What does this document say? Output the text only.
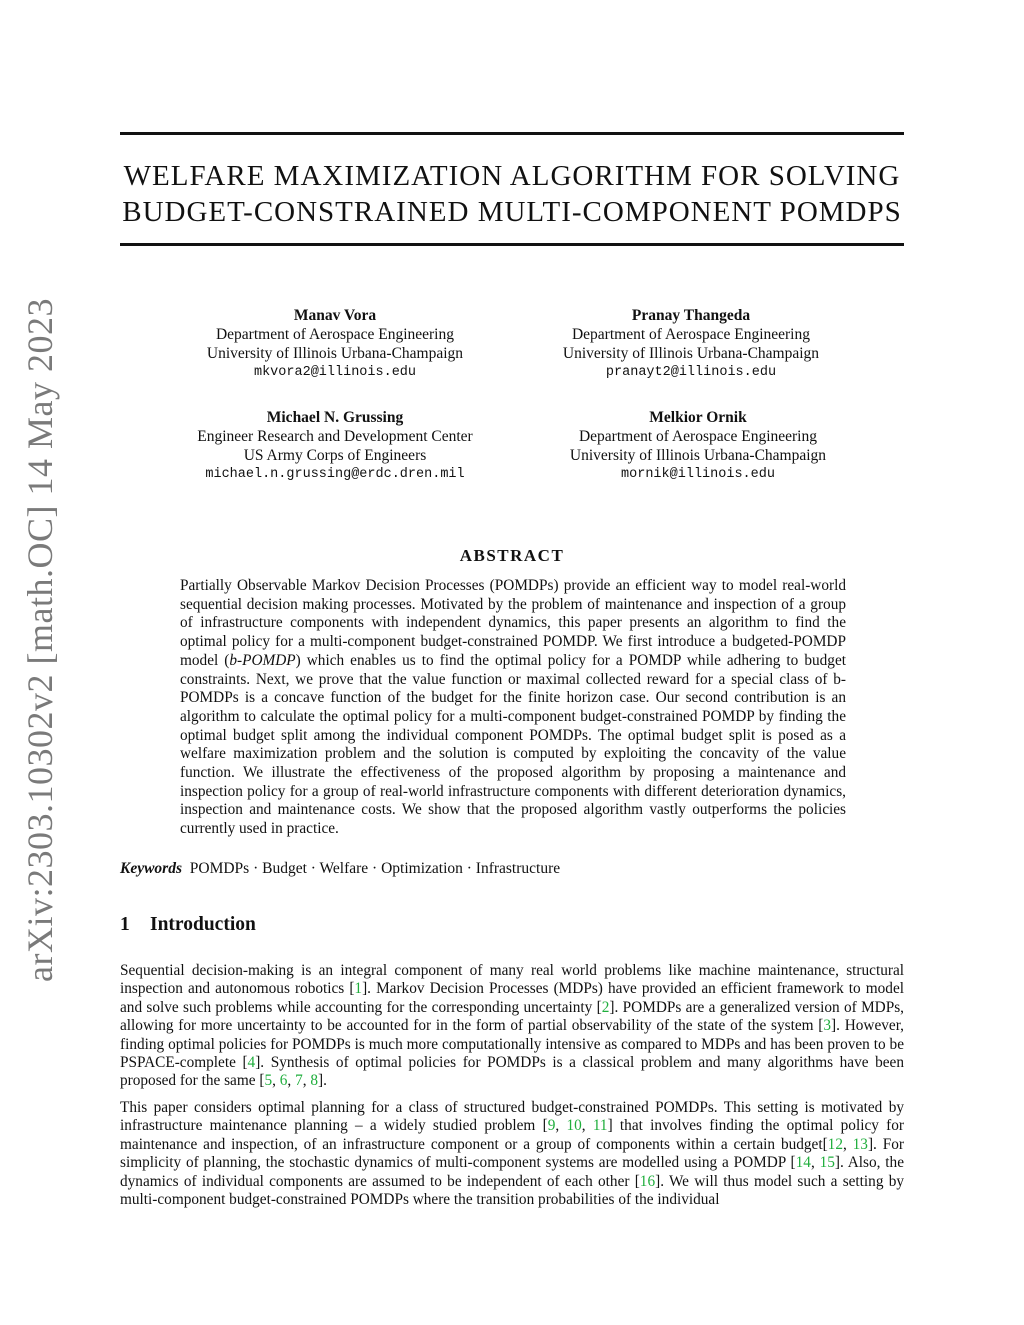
arXiv:2303.10302v2 [math.OC] 14 May 2023
WELFARE MAXIMIZATION ALGORITHM FOR SOLVING
BUDGET-CONSTRAINED MULTI-COMPONENT POMDPS
Manav Vora
Department of Aerospace Engineering
University of Illinois Urbana-Champaign
mkvora2@illinois.edu
Pranay Thangeda
Department of Aerospace Engineering
University of Illinois Urbana-Champaign
pranayt2@illinois.edu
Michael N. Grussing
Engineer Research and Development Center
US Army Corps of Engineers
michael.n.grussing@erdc.dren.mil
Melkior Ornik
Department of Aerospace Engineering
University of Illinois Urbana-Champaign
mornik@illinois.edu
ABSTRACT

Partially Observable Markov Decision Processes (POMDPs) provide an efficient way to model real-world sequential decision making processes. Motivated by the problem of maintenance and inspection of a group of infrastructure components with independent dynamics, this paper presents an algorithm to find the optimal policy for a multi-component budget-constrained POMDP. We first introduce a budgeted-POMDP model (b-POMDP) which enables us to find the optimal policy for a POMDP while adhering to budget constraints. Next, we prove that the value function or maximal collected reward for a special class of b-POMDPs is a concave function of the budget for the finite horizon case. Our second contribution is an algorithm to calculate the optimal policy for a multi-component budget-constrained POMDP by finding the optimal budget split among the individual component POMDPs. The optimal budget split is posed as a welfare maximization problem and the solution is computed by exploiting the concavity of the value function. We illustrate the effectiveness of the proposed algorithm by proposing a maintenance and inspection policy for a group of real-world infrastructure components with different deterioration dynamics, inspection and maintenance costs. We show that the proposed algorithm vastly outperforms the policies currently used in practice.

Keywords POMDPs · Budget · Welfare · Optimization · Infrastructure

1 Introduction

Sequential decision-making is an integral component of many real world problems like machine maintenance, structural inspection and autonomous robotics [1]. Markov Decision Processes (MDPs) have provided an efficient framework to model and solve such problems while accounting for the corresponding uncertainty [2]. POMDPs are a generalized version of MDPs, allowing for more uncertainty to be accounted for in the form of partial observability of the state of the system [3]. However, finding optimal policies for POMDPs is much more computationally intensive as compared to MDPs and has been proven to be PSPACE-complete [4]. Synthesis of optimal policies for POMDPs is a classical problem and many algorithms have been proposed for the same [5, 6, 7, 8].

This paper considers optimal planning for a class of structured budget-constrained POMDPs. This setting is motivated by infrastructure maintenance planning – a widely studied problem [9, 10, 11] that involves finding the optimal policy for maintenance and inspection, of an infrastructure component or a group of components within a certain budget[12, 13]. For simplicity of planning, the stochastic dynamics of multi-component systems are modelled using a POMDP [14, 15]. Also, the dynamics of individual components are assumed to be independent of each other [16]. We will thus model such a setting by multi-component budget-constrained POMDPs where the transition probabilities of the individual
